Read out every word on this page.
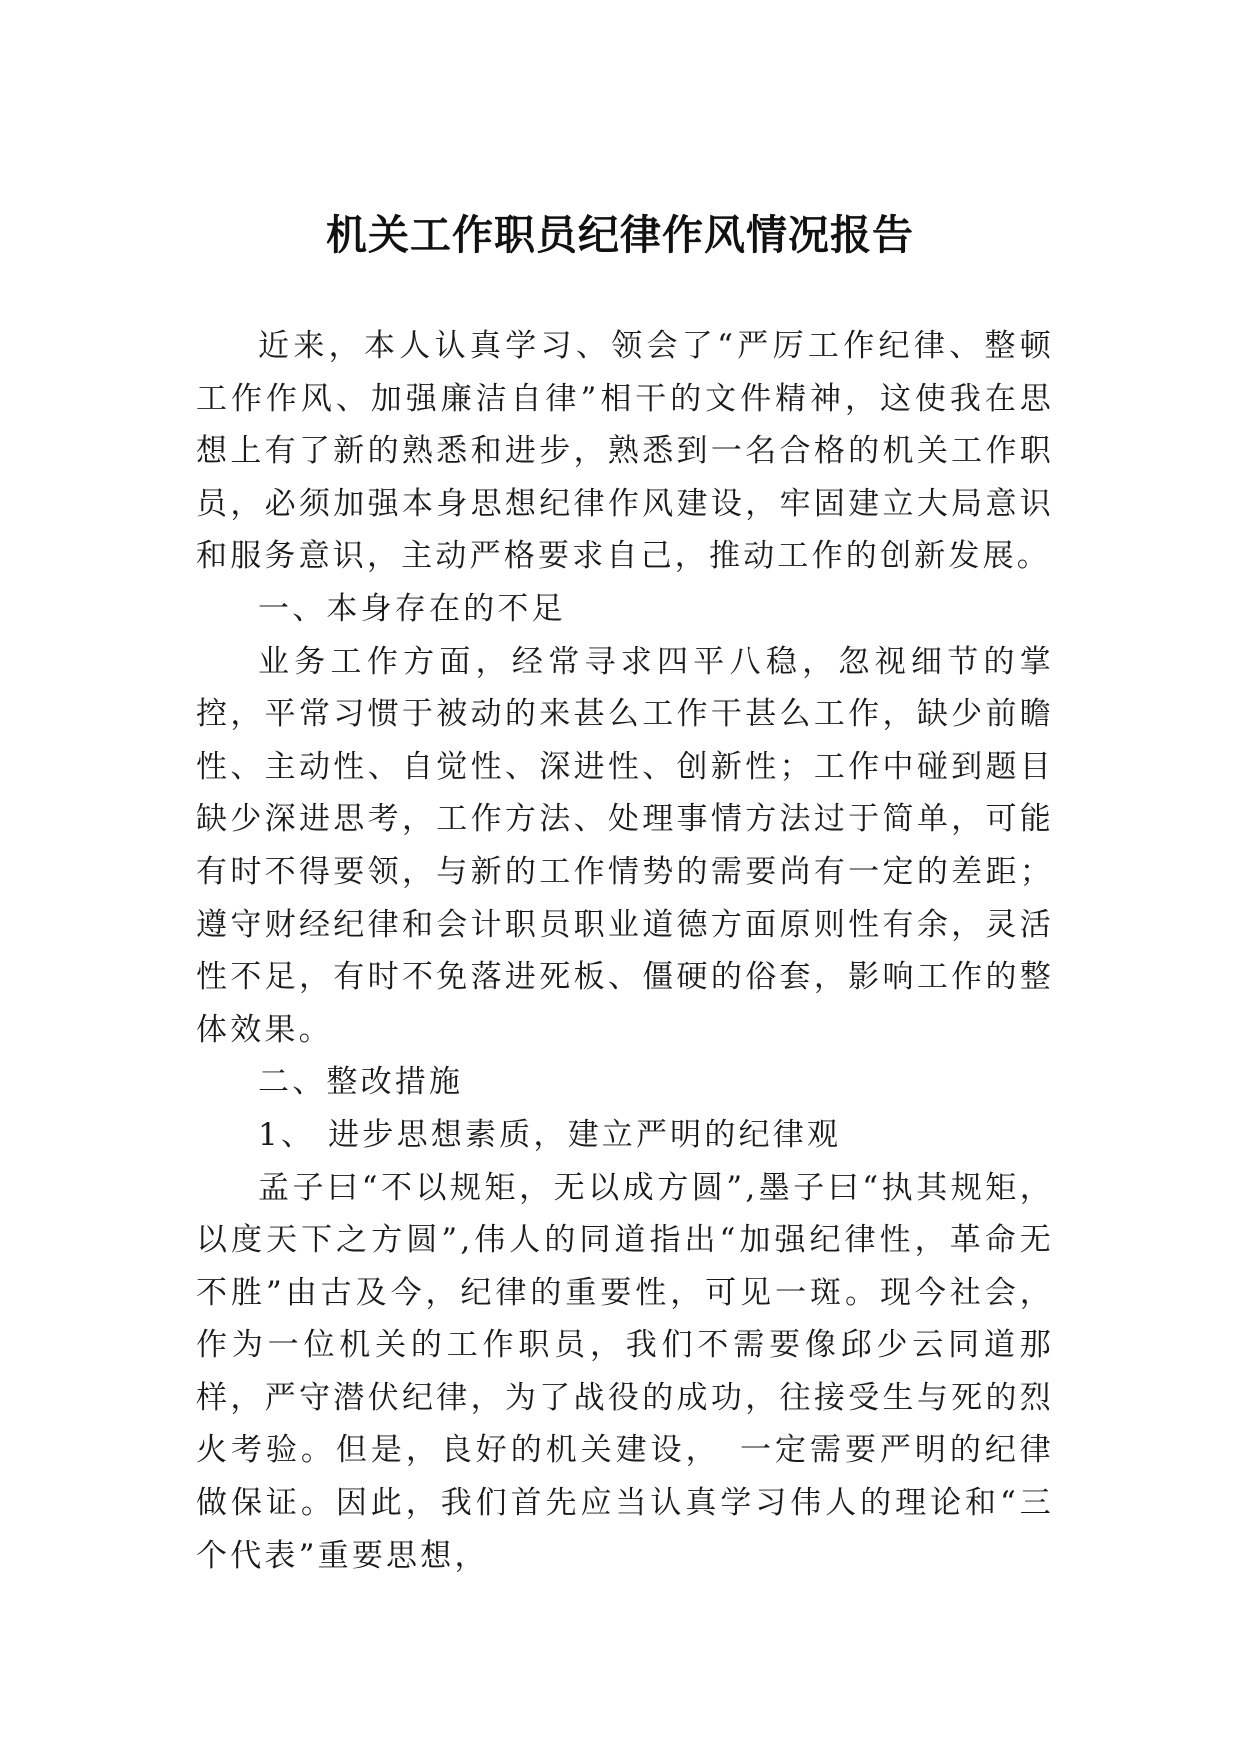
机关工作职员纪律作风情况报告

近来，本人认真学习、领会了“严厉工作纪律、整顿工作作风、加强廉洁自律”相干的文件精神，这使我在思想上有了新的熟悉和进步，熟悉到一名合格的机关工作职员，必须加强本身思想纪律作风建设，牢固建立大局意识和服务意识，主动严格要求自己，推动工作的创新发展。

一、本身存在的不足

业务工作方面，经常寻求四平八稳，忽视细节的掌控，平常习惯于被动的来甚么工作干甚么工作，缺少前瞻性、主动性、自觉性、深进性、创新性；工作中碰到题目缺少深进思考，工作方法、处理事情方法过于简单，可能有时不得要领，与新的工作情势的需要尚有一定的差距；遵守财经纪律和会计职员职业道德方面原则性有余，灵活性不足，有时不免落进死板、僵硬的俗套，影响工作的整体效果。

二、整改措施

1、 进步思想素质，建立严明的纪律观

孟子曰“不以规矩，无以成方圆”,墨子曰“执其规矩，以度天下之方圆”,伟人的同道指出“加强纪律性，革命无不胜”由古及今，纪律的重要性，可见一斑。现今社会，作为一位机关的工作职员，我们不需要像邱少云同道那样，严守潜伏纪律，为了战役的成功，往接受生与死的烈火考验。但是，良好的机关建设，　一定需要严明的纪律做保证。因此，我们首先应当认真学习伟人的理论和“三个代表”重要思想，
